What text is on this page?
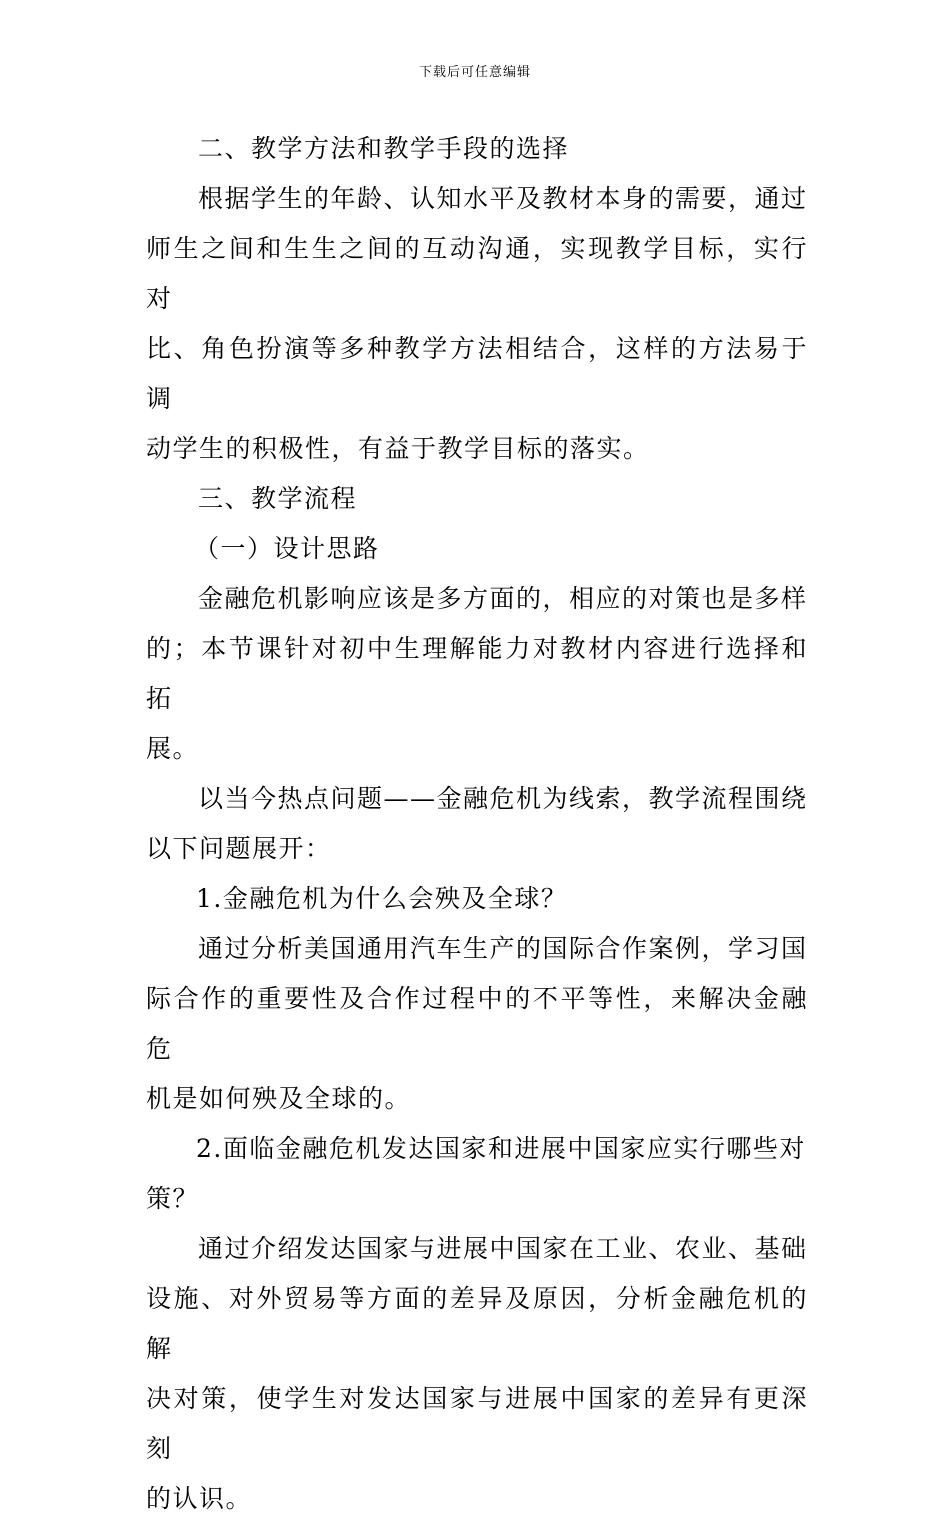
下载后可任意编辑

二、教学方法和教学手段的选择

根据学生的年龄、认知水平及教材本身的需要，通过
师生之间和生生之间的互动沟通，实现教学目标，实行对
比、角色扮演等多种教学方法相结合，这样的方法易于调
动学生的积极性，有益于教学目标的落实。

三、教学流程

（一）设计思路

金融危机影响应该是多方面的，相应的对策也是多样
的；本节课针对初中生理解能力对教材内容进行选择和拓
展。

以当今热点问题——金融危机为线索，教学流程围绕
以下问题展开：

1.金融危机为什么会殃及全球？

通过分析美国通用汽车生产的国际合作案例，学习国
际合作的重要性及合作过程中的不平等性，来解决金融危
机是如何殃及全球的。

2.面临金融危机发达国家和进展中国家应实行哪些对
策？

通过介绍发达国家与进展中国家在工业、农业、基础
设施、对外贸易等方面的差异及原因，分析金融危机的解
决对策，使学生对发达国家与进展中国家的差异有更深刻
的认识。
